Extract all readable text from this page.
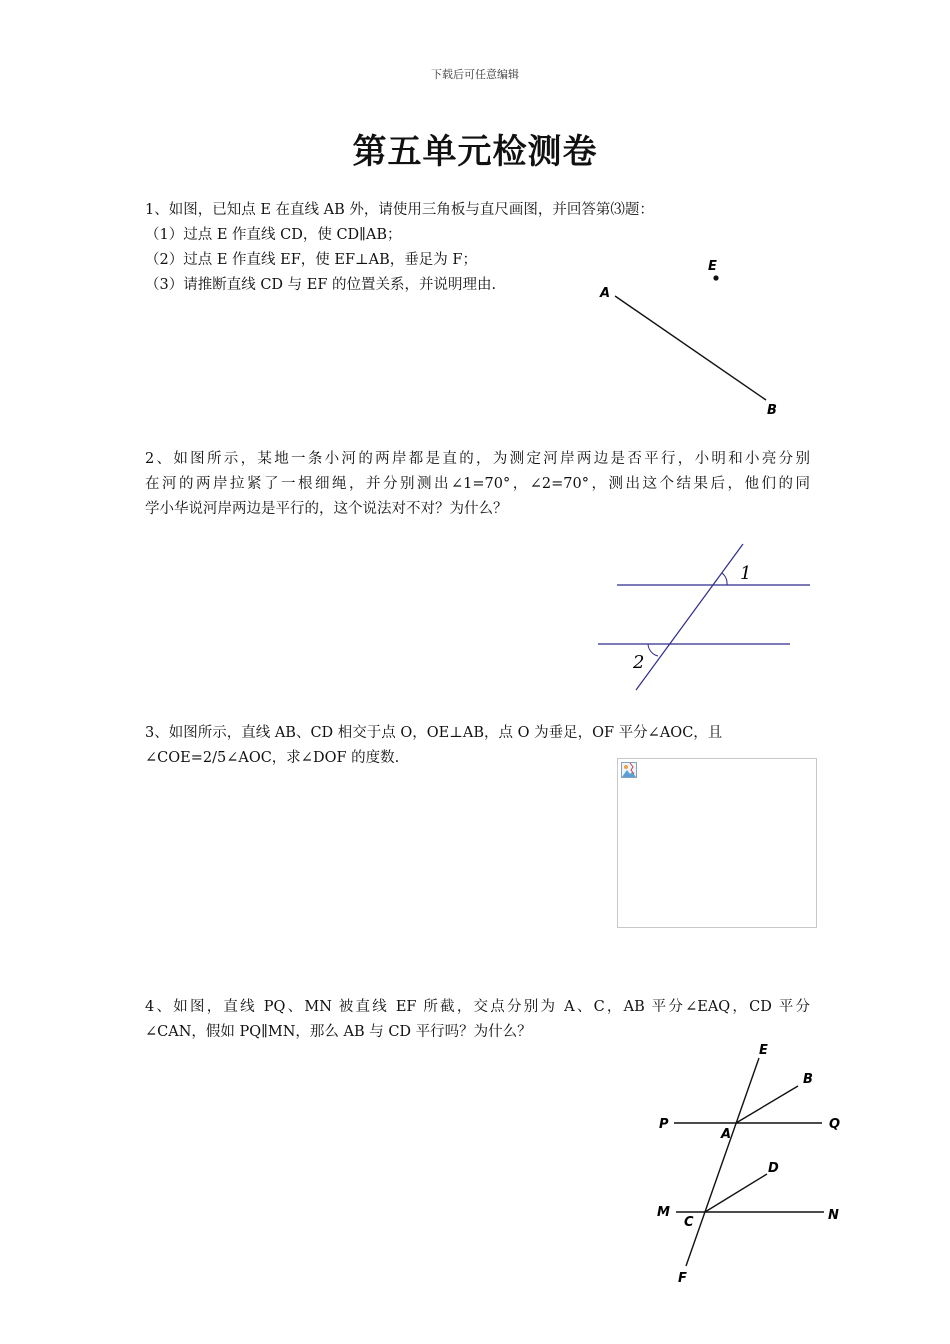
下载后可任意编辑
第五单元检测卷
1、如图，已知点 E 在直线 AB 外，请使用三角板与直尺画图，并回答第⑶题：
（1）过点 E 作直线 CD，使 CD∥AB；
（2）过点 E 作直线 EF，使 EF⊥AB，垂足为 F；
（3）请推断直线 CD 与 EF 的位置关系，并说明理由.
A
B
E
2、如图所示，某地一条小河的两岸都是直的，为测定河岸两边是否平行，小明和小亮分别
在河的两岸拉紧了一根细绳，并分别测出∠1=70°，∠2=70°，测出这个结果后，他们的同
学小华说河岸两边是平行的，这个说法对不对？为什么？
1
2
3、如图所示，直线 AB、CD 相交于点 O，OE⊥AB，点 O 为垂足，OF 平分∠AOC，且
∠COE=2/5∠AOC，求∠DOF 的度数.
4、如图，直线 PQ、MN 被直线 EF 所截，交点分别为 A、C，AB 平分∠EAQ，CD 平分
∠CAN，假如 PQ∥MN，那么 AB 与 CD 平行吗？为什么？
E
B
P	Q
A
D
M	N
C
F
